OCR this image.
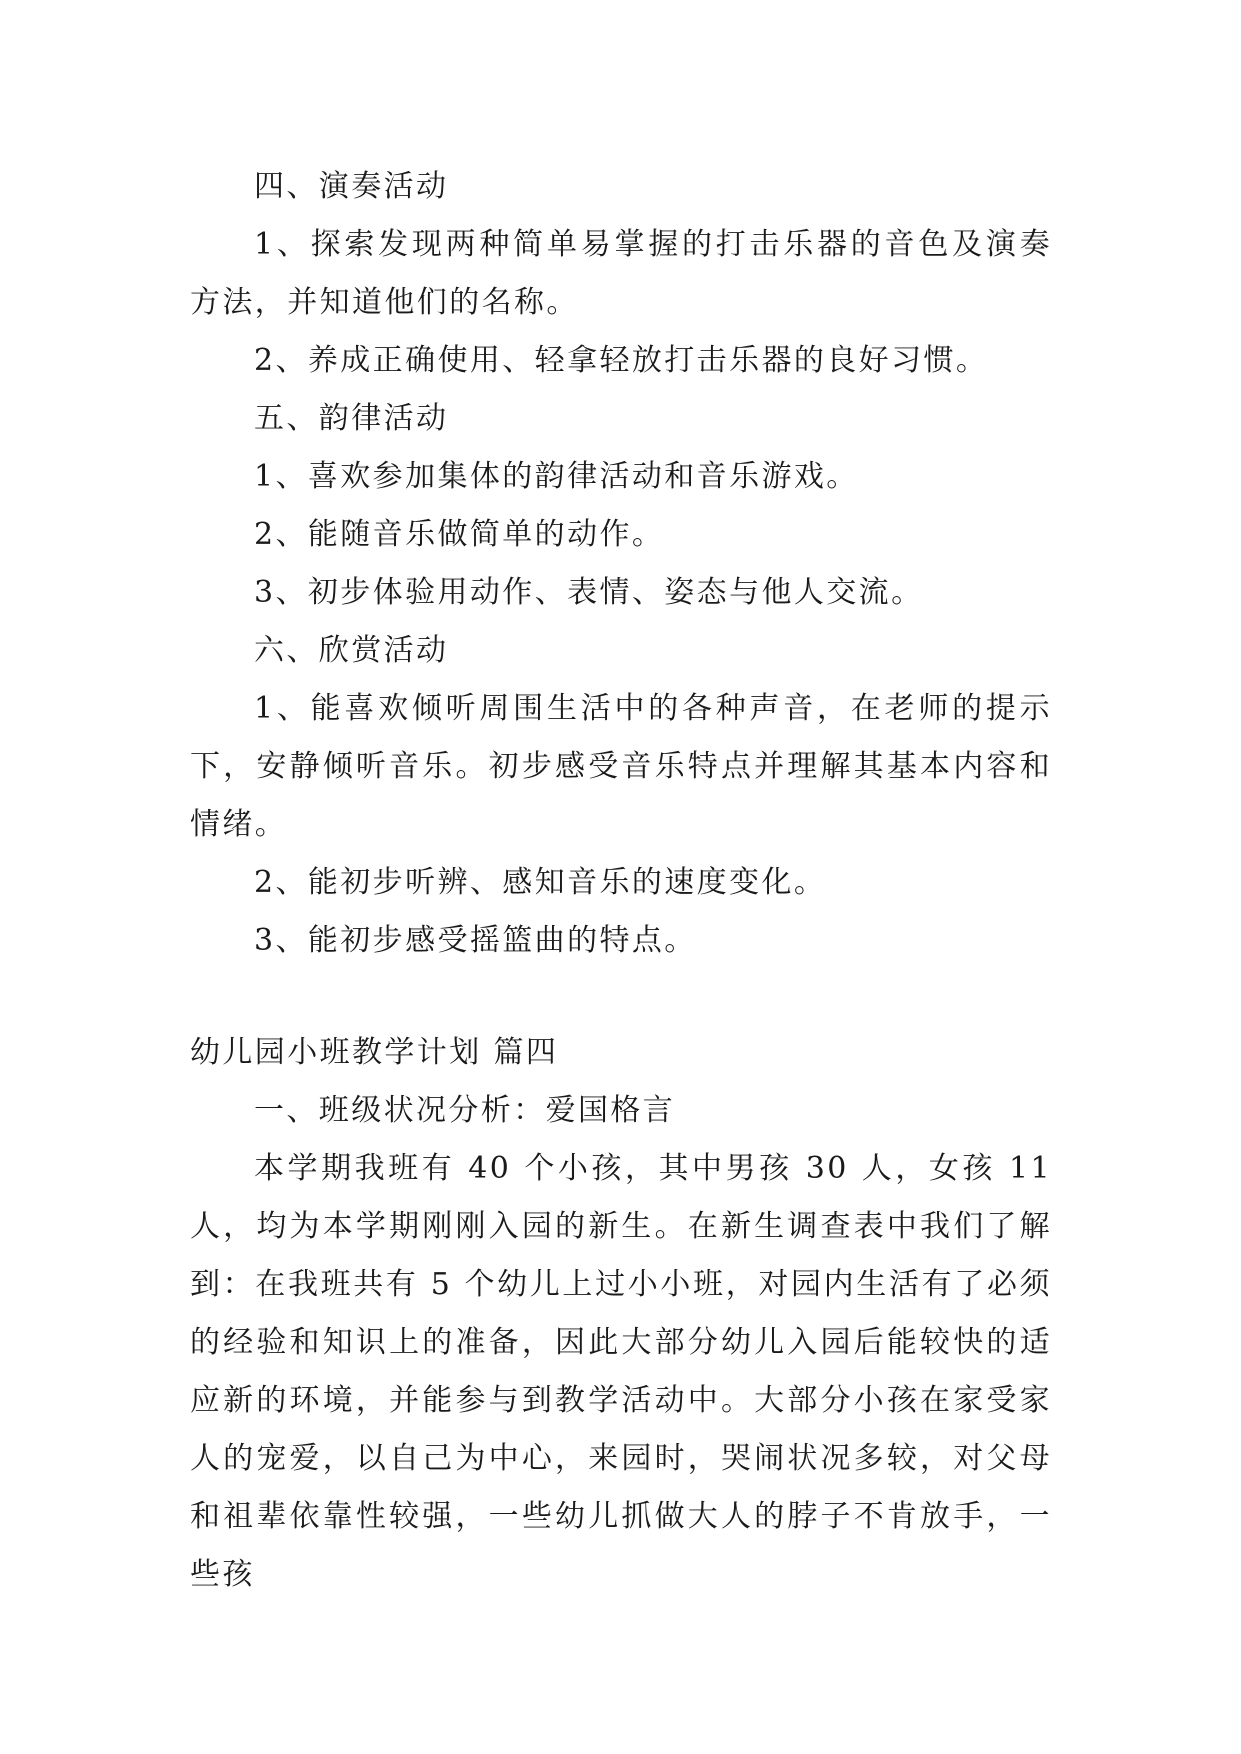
四、演奏活动

1、探索发现两种简单易掌握的打击乐器的音色及演奏方法，并知道他们的名称。

2、养成正确使用、轻拿轻放打击乐器的良好习惯。

五、韵律活动

1、喜欢参加集体的韵律活动和音乐游戏。

2、能随音乐做简单的动作。

3、初步体验用动作、表情、姿态与他人交流。

六、欣赏活动

1、能喜欢倾听周围生活中的各种声音，在老师的提示下，安静倾听音乐。初步感受音乐特点并理解其基本内容和情绪。

2、能初步听辨、感知音乐的速度变化。

3、能初步感受摇篮曲的特点。

幼儿园小班教学计划 篇四

一、班级状况分析：爱国格言

本学期我班有 40 个小孩，其中男孩 30 人，女孩 11 人，均为本学期刚刚入园的新生。在新生调查表中我们了解到：在我班共有 5 个幼儿上过小小班，对园内生活有了必须的经验和知识上的准备，因此大部分幼儿入园后能较快的适应新的环境，并能参与到教学活动中。大部分小孩在家受家人的宠爱，以自己为中心，来园时，哭闹状况多较，对父母和祖辈依靠性较强，一些幼儿抓做大人的脖子不肯放手，一些孩
